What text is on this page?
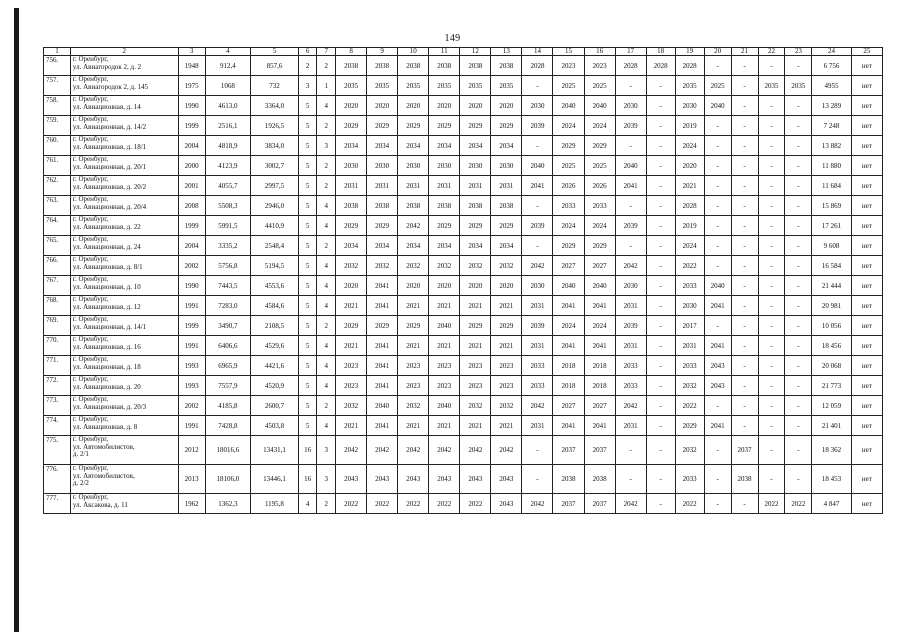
149
1	2	3	4	5	6	7	8	9	10	11	12	13	14	15	16	17	18	19	20	21	22	23	24	25
756.	г. Оренбург,
ул. Авиагородок 2, д. 2	1948	912,4	857,6	2	2	2038	2038	2038	2038	2038	2038	2028	2023	2023	2028	2028	2028	-	-	-	-	6 756	нет
757.	г. Оренбург,
ул. Авиагородок 2, д. 145	1975	1068	732	3	1	2035	2035	2035	2035	2035	2035	-	2025	2025	-	-	2035	2025	-	2035	2035	4955	нет
758.	г. Оренбург,
ул. Авиационная, д. 14	1990	4613,0	3364,0	5	4	2020	2020	2020	2020	2020	2020	2030	2040	2040	2030	-	2030	2040	-	-	-	13 289	нет
759.	г. Оренбург,
ул. Авиационная, д. 14/2	1999	2516,1	1926,5	5	2	2029	2029	2029	2029	2029	2029	2039	2024	2024	2039	-	2019	-	-	-	-	7 248	нет
760.	г. Оренбург,
ул. Авиационная, д. 18/1	2004	4818,9	3834,0	5	3	2034	2034	2034	2034	2034	2034	-	2029	2029	-	-	2024	-	-	-	-	13 882	нет
761.	г. Оренбург,
ул. Авиационная, д. 20/1	2000	4123,9	3002,7	5	2	2030	2030	2030	2030	2030	2030	2040	2025	2025	2040	-	2020	-	-	-	-	11 880	нет
762.	г. Оренбург,
ул. Авиационная, д. 20/2	2001	4055,7	2997,5	5	2	2031	2031	2031	2031	2031	2031	2041	2026	2026	2041	-	2021	-	-	-	-	11 684	нет
763.	г. Оренбург,
ул. Авиационная, д. 20/4	2008	5508,3	2946,0	5	4	2038	2038	2038	2038	2038	2038	-	2033	2033	-	-	2028	-	-	-	-	15 869	нет
764.	г. Оренбург,
ул. Авиационная, д. 22	1999	5991,5	4410,9	5	4	2029	2029	2042	2029	2029	2029	2039	2024	2024	2039	-	2019	-	-	-	-	17 261	нет
765.	г. Оренбург,
ул. Авиационная, д. 24	2004	3335,2	2548,4	5	2	2034	2034	2034	2034	2034	2034	-	2029	2029	-	-	2024	-	-	-	-	9 608	нет
766.	г. Оренбург,
ул. Авиационная, д. 8/1	2002	5756,8	5194,5	5	4	2032	2032	2032	2032	2032	2032	2042	2027	2027	2042	-	2022	-	-	-	-	16 584	нет
767.	г. Оренбург,
ул. Авиационная, д. 10	1990	7443,5	4553,6	5	4	2020	2041	2020	2020	2020	2020	2030	2040	2040	2030	-	2033	2040	-	-	-	21 444	нет
768.	г. Оренбург,
ул. Авиационная, д. 12	1991	7283,0	4584,6	5	4	2021	2041	2021	2021	2021	2021	2031	2041	2041	2031	-	2030	2041	-	-	-	20 981	нет
769.	г. Оренбург,
ул. Авиационная, д. 14/1	1999	3490,7	2108,5	5	2	2029	2029	2029	2040	2029	2029	2039	2024	2024	2039	-	2017	-	-	-	-	10 056	нет
770.	г. Оренбург,
ул. Авиационная, д. 16	1991	6406,6	4529,6	5	4	2021	2041	2021	2021	2021	2021	2031	2041	2041	2031	-	2031	2041	-	-	-	18 456	нет
771.	г. Оренбург,
ул. Авиационная, д. 18	1993	6965,9	4421,6	5	4	2023	2041	2023	2023	2023	2023	2033	2018	2018	2033	-	2033	2043	-	-	-	20 068	нет
772.	г. Оренбург,
ул. Авиационная, д. 20	1993	7557,9	4520,9	5	4	2023	2041	2023	2023	2023	2023	2033	2018	2018	2033	-	2032	2043	-	-	-	21 773	нет
773.	г. Оренбург,
ул. Авиационная, д. 20/3	2002	4185,8	2600,7	5	2	2032	2040	2032	2040	2032	2032	2042	2027	2027	2042	-	2022	-	-	-	-	12 059	нет
774.	г. Оренбург,
ул. Авиационная, д. 8	1991	7428,8	4503,8	5	4	2021	2041	2021	2021	2021	2021	2031	2041	2041	2031	-	2029	2041	-	-	-	21 401	нет
775.	г. Оренбург,
ул. Автомобилистов,
д. 2/1	2012	18016,6	13431,1	16	3	2042	2042	2042	2042	2042	2042	-	2037	2037	-	-	2032	-	2037	-	-	18 362	нет
776.	г. Оренбург,
ул. Автомобилистов,
д. 2/2	2013	18106,0	13446,1	16	3	2043	2043	2043	2043	2043	2043	-	2038	2038	-	-	2033	-	2038	-	-	18 453	нет
777.	г. Оренбург,
ул. Аксакова, д. 11	1962	1362,3	1195,8	4	2	2022	2022	2022	2022	2022	2043	2042	2037	2037	2042	-	2022	-	-	2022	2022	4 847	нет
